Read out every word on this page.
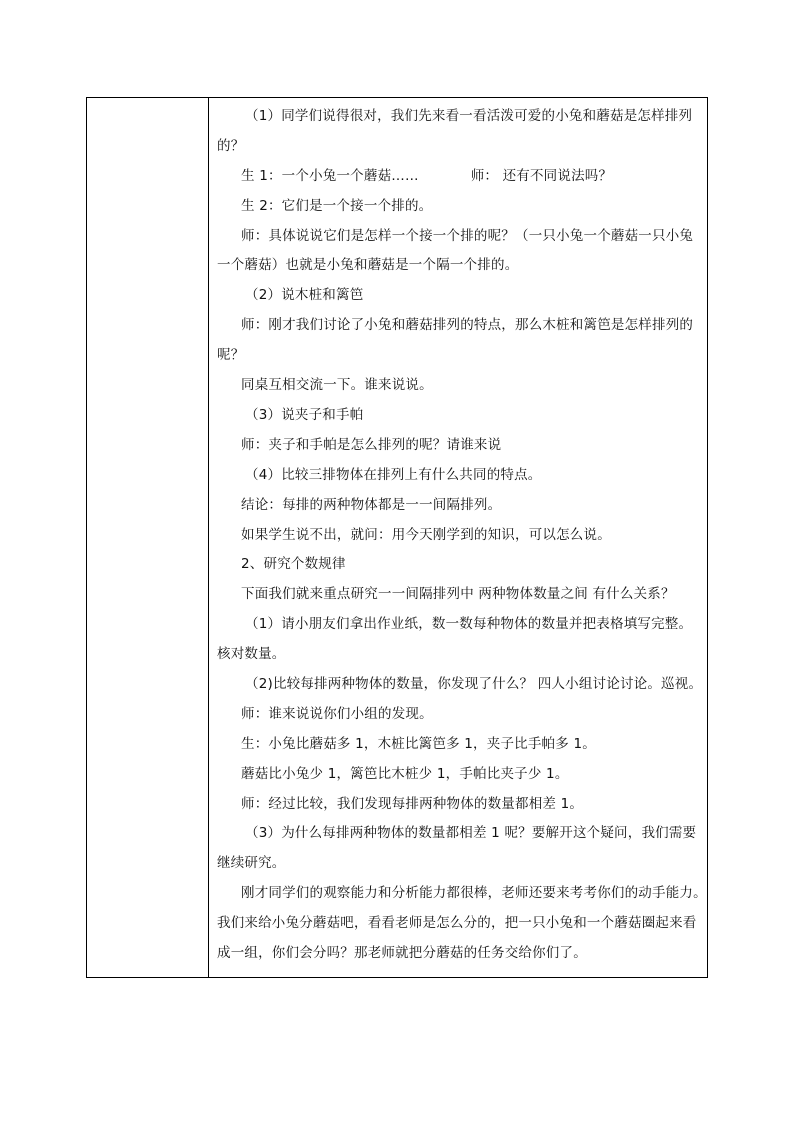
（1）同学们说得很对，我们先来看一看活泼可爱的小兔和蘑菇是怎样排列
的？
生 1：一个小兔一个蘑菇……	师： 还有不同说法吗？
生 2：它们是一个接一个排的。
师：具体说说它们是怎样一个接一个排的呢？（一只小兔一个蘑菇一只小兔
一个蘑菇）也就是小兔和蘑菇是一个隔一个排的。
（2）说木桩和篱笆
师：刚才我们讨论了小兔和蘑菇排列的特点，那么木桩和篱笆是怎样排列的
呢？
同桌互相交流一下。谁来说说。
（3）说夹子和手帕
师：夹子和手帕是怎么排列的呢？请谁来说
（4）比较三排物体在排列上有什么共同的特点。
结论：每排的两种物体都是一一间隔排列。
如果学生说不出，就问：用今天刚学到的知识，可以怎么说。
2、研究个数规律
下面我们就来重点研究一一间隔排列中 两种物体数量之间 有什么关系？
（1）请小朋友们拿出作业纸，数一数每种物体的数量并把表格填写完整。
核对数量。
（2)比较每排两种物体的数量，你发现了什么？ 四人小组讨论讨论。巡视。
师：谁来说说你们小组的发现。
生：小兔比蘑菇多 1，木桩比篱笆多 1，夹子比手帕多 1。
蘑菇比小兔少 1，篱笆比木桩少 1，手帕比夹子少 1。
师：经过比较，我们发现每排两种物体的数量都相差 1。
（3）为什么每排两种物体的数量都相差 1 呢？要解开这个疑问，我们需要
继续研究。
刚才同学们的观察能力和分析能力都很棒，老师还要来考考你们的动手能力。
我们来给小兔分蘑菇吧，看看老师是怎么分的，把一只小兔和一个蘑菇圈起来看
成一组，你们会分吗？那老师就把分蘑菇的任务交给你们了。
